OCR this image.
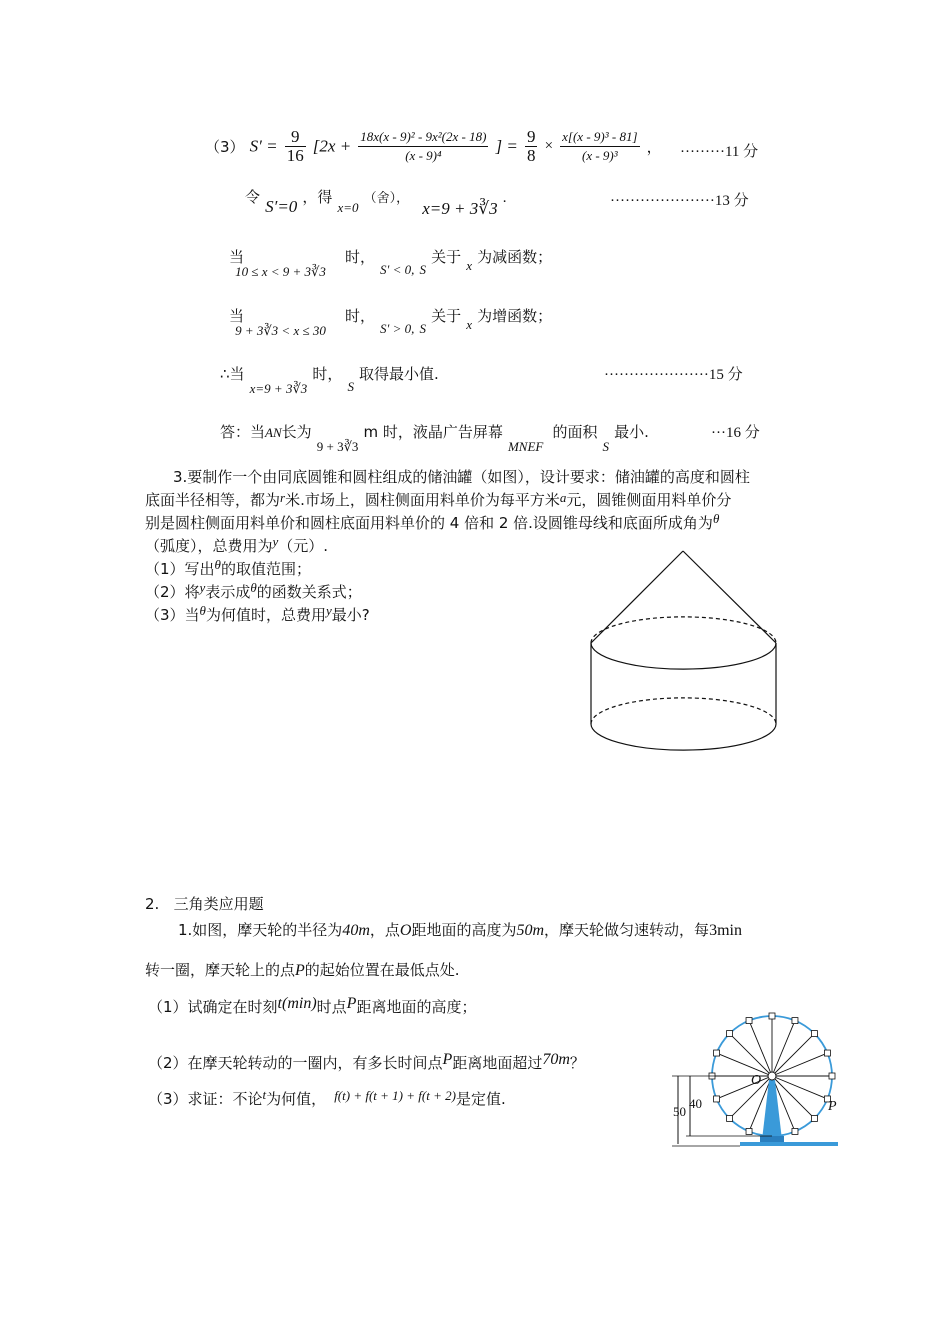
（3） $S' = \frac{9}{16} [2x + \frac{\text{18x(x - 9)² - 9x²(2x - 18)}}{\text{(x - 9)⁴}}$ ] = $\frac{9}{8} \times \frac{\text{x[(x - 9)³ - 81]}}{\text{(x - 9)³}}$ ， ·········11 分
令 S′=0 ，得 $_{x=0}$ （舍）， x=9 + 3∛3 .	·····················13 分
当 $_{10 \le x < 9 + 3∛3}$ 时， $_{S' < 0,}$ $_S$ 关于 $_x$ 为减函数；
当 $_{9 + 3∛3 < x \le 30}$ 时， $_{S' > 0,}$ $_S$ 关于 $_x$ 为增函数；
∴当 $_{x=9 + 3∛3}$ 时， $_S$ 取得最小值.	·····················15 分
答：当AN长为 $_{9 + 3∛3}$ m 时，液晶广告屏幕 $_{MNEF}$ 的面积 $_S$ 最小.	···16 分
3.要制作一个由同底圆锥和圆柱组成的储油罐（如图），设计要求：储油罐的高度和圆柱
底面半径相等，都为r米.市场上，圆柱侧面用料单价为每平方米a元，圆锥侧面用料单价分
别是圆柱侧面用料单价和圆柱底面用料单价的 4 倍和 2 倍.设圆锥母线和底面所成角为θ
（弧度），总费用为y（元）.
（1）写出θ的取值范围；
（2）将y表示成θ的函数关系式；
（3）当θ为何值时，总费用y最小?
2.   三角类应用题
1.如图，摩天轮的半径为40m，点O距地面的高度为50m，摩天轮做匀速转动，每3min
转一圈，摩天轮上的点P的起始位置在最低点处.
（1）试确定在时刻t(min)时点P距离地面的高度；
（2）在摩天轮转动的一圈内，有多长时间点P距离地面超过70m？
（3）求证：不论t为何值， f(t) + f(t + 1) + f(t + 2)是定值.
O
P
50
40
